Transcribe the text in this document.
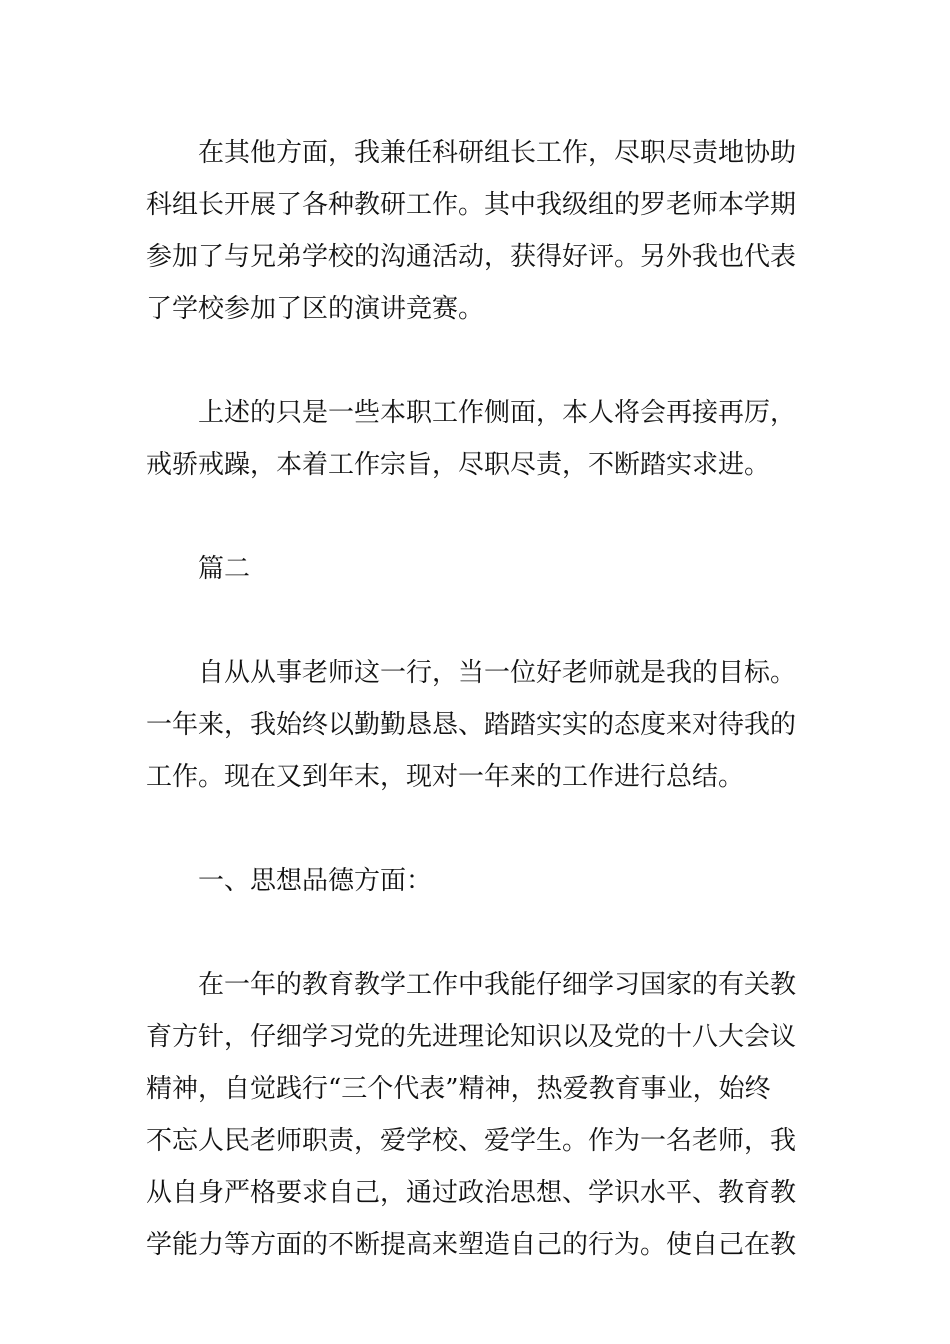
在其他方面，我兼任科研组长工作，尽职尽责地协助
科组长开展了各种教研工作。其中我级组的罗老师本学期
参加了与兄弟学校的沟通活动，获得好评。另外我也代表
了学校参加了区的演讲竞赛。

上述的只是一些本职工作侧面，本人将会再接再厉，
戒骄戒躁，本着工作宗旨，尽职尽责，不断踏实求进。

篇二

自从从事老师这一行，当一位好老师就是我的目标。
一年来，我始终以勤勤恳恳、踏踏实实的态度来对待我的
工作。现在又到年末，现对一年来的工作进行总结。

一、思想品德方面：

在一年的教育教学工作中我能仔细学习国家的有关教
育方针，仔细学习党的先进理论知识以及党的十八大会议
精神，自觉践行“三个代表”精神，热爱教育事业，始终
不忘人民老师职责，爱学校、爱学生。作为一名老师，我
从自身严格要求自己，通过政治思想、学识水平、教育教
学能力等方面的不断提高来塑造自己的行为。使自己在教
